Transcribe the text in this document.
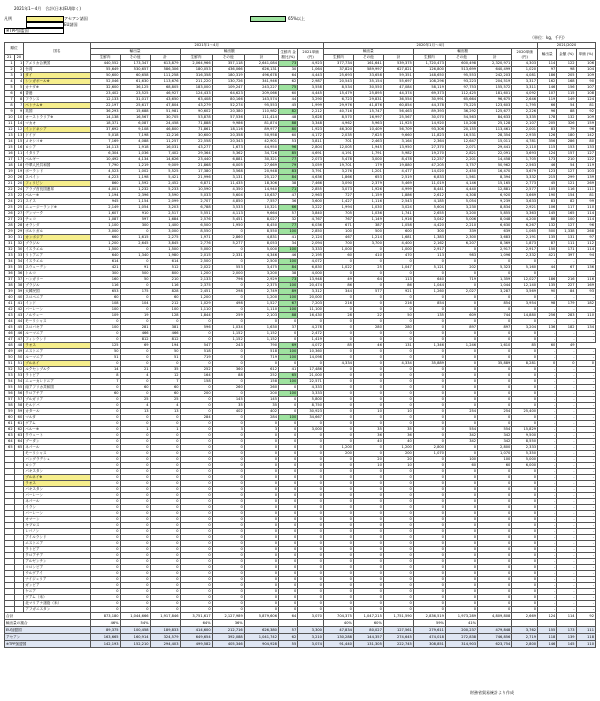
2021年1〜4月　合計(日本(EU)除く)
凡例	アセアン諸国
EU諸国
※TPP加盟国
65%以上
（単位：kg、千円）
順位		国名	2021年1〜4月								2020年1月〜4月							2021/2020		
			輸出量			輸出額			生鮮肉 金額比(%)	2021単価 (円)	輸出量			輸出額			2020単価 (円)	輸出量	金額 (%)	単価 (%)
21	20		生鮮肉	その他	計	生鮮肉	その他	計			生鮮肉	その他	計	生鮮肉	その他	計				
1	1	アメリカ合衆国	440,552	173,347	613,879	2,064,966	357,118	2,641,084	73	4,923	377,734	161,641	539,375	1,720,473	600,498	2,320,971	4,303	114	122	106
2	2	台湾	55,649	530,657	586,306	180,053	436,066	626,131	30	1,064	37,824	589,997	627,821	126,800	513,699	640,499	1,020	97	98	104
3	3	タイ	50,600	60,658	111,258	316,358	180,319	496,678	64	4,443	25,693	33,658	59,351	148,650	95,553	242,203	4,081	186	205	109
4	4	シンガポール※	52,046	61,630	113,676	211,220	130,726	341,946	62	2,987	20,543	35,154	55,697	108,296	93,223	204,519	3,317	162	168	90
5	5	カナダ※	32,600	36,125	68,805	183,000	109,247	243,227	75	3,558	8,534	30,550	47,084	58,119	97,753	155,572	3,311	146	156	107
6	6	香港	23,402	23,525	46,927	124,433	64,623	209,066	60	4,445	15,479	25,895	44,374	69,373	112,425	181,601	4,092	107	115	108
7	8	フランス	12,133	31,017	43,650	63,408	80,166	143,574	44	3,290	6,723	29,831	36,554	30,991	65,664	96,675	2,646	119	149	124
8	7	ベトナム※	22,197	25,617	47,804	43,279	52,274	95,553	45	1,999	29,976	41,876	60,854	44,378	75,225	123,603	1,795	66	54	81
9	9	英国	36,293	15,688	51,981	90,602	20,380	110,982	82	2,212	40,716	15,747	56,463	89,393	36,292	125,677	2,226	96	88	92
10	10	オーストラリア※	14,138	16,567	30,705	53,878	57,536	111,414	48	3,628	8,570	16,997	25,567	30,070	54,563	84,633	3,335	178	132	109
11	14	マカオ	18,371	6,087	24,458	71,888	9,986	81,874	88	3,348	4,962	5,963	11,925	14,920	10,208	25,128	2,107	205	326	159
12	12	インドネシア	37,692	9,108	46,800	71,861	18,116	89,977	80	1,923	46,300	10,409	56,709	93,306	20,155	113,461	2,001	83	79	96
13	13	ドイツ	5,018	7,198	12,216	30,600	20,358	50,958	60	4,172	2,035	7,625	9,660	11,823	16,531	28,354	2,935	126	180	142
14	15	メキシコ※	7,169	4,088	11,257	22,558	20,343	42,901	53	3,811	701	2,463	3,164	2,364	12,647	15,011	4,781	356	286	80
15	16	ロシア	14,113	1,918	16,031	43,277	1,673	44,950	96	2,804	12,005	1,945	13,950	27,370	2,071	29,441	2,110	115	153	133
16	11	イタリア	6,304	1,036	7,402	29,364	5,362	34,726	85	4,691	4,191	1,791	5,982	19,270	2,821	22,091	3,693	124	157	127
17	17	ベルギー	10,492	4,134	14,626	23,440	6,881	30,321	77	2,073	5,478	3,000	8,478	12,257	2,201	14,458	1,705	173	210	122
18	18	中華人民共和国	7,790	1,219	9,009	21,868	6,005	27,669	79	3,059	19,701	179	19,880	47,205	3,757	50,962	2,563	46	54	119
19	19	ポーランド	4,523	1,002	5,525	17,380	3,568	20,948	83	3,791	3,276	1,201	4,477	14,020	2,450	16,470	3,679	123	127	103
20	26	スペイン	4,223	1,198	5,421	21,996	3,131	25,127	84	4,636	1,866	653	2,519	6,833	1,561	8,394	3,332	215	299	139
21	20	フィリピン	860	1,592	2,452	6,871	11,435	18,306	38	7,466	3,090	2,379	5,469	11,019	4,146	15,165	2,773	45	121	269
22	24	アラブ首長国連邦	4,001	1,232	5,233	10,590	4,350	14,940	71	2,855	3,073	1,926	4,999	8,441	4,440	12,881	2,577	105	116	111
23	22	ペルー※	1,194	2,396	3,590	5,033	5,604	10,637	47	2,963	727	1,159	1,886	2,612	4,308	6,920	3,669	190	154	81
24	21	スイス	945	1,154	2,099	2,707	4,850	7,557	36	3,600	1,427	1,116	2,543	4,185	5,054	9,239	3,633	83	82	99
25	25	ニュージーランド※	2,149	1,054	3,203	6,788	3,533	10,321	66	3,222	1,994	1,030	3,024	5,604	3,230	8,834	2,921	106	117	110
26	27	デンマーク	1,607	910	2,517	5,551	4,113	9,664	57	3,840	705	1,036	1,741	2,655	3,200	5,855	3,363	145	165	114
27	23	チェコ	1,087	597	1,684	2,576	5,451	8,027	32	4,767	767	1,149	1,916	3,042	5,006	8,048	4,200	88	100	114
28	28	オランダ	1,100	300	1,400	6,500	1,950	8,450	77	6,036	671	387	1,058	4,420	2,210	6,630	6,267	132	127	96
29	29	ポルトガル	3,000	0	3,000	8,550	0	8,550	100	2,850	100	500	600	300	339	639	1,065	500	1,338	268
30	31	カンボジア	660	1,615	2,275	1,971	2,860	4,831	41	2,124	467	1,214	1,681	1,383	2,300	3,683	2,191	135	131	97
31	32	ブラジル	1,200	2,645	3,845	2,776	5,277	8,053	34	2,094	700	3,700	4,400	2,162	6,207	8,369	1,873	87	111	112
32	30	イスラエル	1,500	0	1,500	5,000	0	5,000	100	3,333	1,000	0	1,000	2,917	0	2,917	2,917	150	171	114
33	33	リトアニア	640	1,340	1,980	2,015	2,331	4,346	46	2,195	60	410	470	113	983	1,096	2,332	421	397	94
34	34	イスラエル	614	0	614	2,500	0	2,500	100	4,072	0	0	0	0	0	0	0	-	-	-
35	35	スウェーデン	421	91	512	2,022	553	3,475	84	6,830	1,022	25	1,047	5,121	202	5,323	5,160	44	67	136
36	36	トルコ	300	500	800	1,200	2,000	3,200	38	4,000	0	0	0	0	0	0	0	-	-	-
37	37	ハンガリー	160	50	210	2,133	796	2,929	73	13,948	49	64	113	640	719	1,359	12,027	186	216	116
38	38	ブラジル	116	0	116	2,375	0	2,375	100	20,474	86	0	86	1,044	0	1,044	12,140	135	227	169
39	39	大韓民国	653	175	828	2,451	298	2,749	89	3,312	344	577	921	1,260	2,027	3,287	3,569	90	84	93
40	40	スロベニア	60	0	60	1,200	0	1,200	100	20,000	0	0	0	0	0	0	0	-	-	-
41	41	インド	108	104	212	1,029	498	1,527	67	7,203	216	0	216	854	0	854	3,954	98	179	182
42	42	バーレーン	100	0	100	1,110	0	1,110	100	11,100	0	0	0	0	0	0	0	-	-	-
43	43	ノルウェー	109	19	128	1,844	259	2,103	88	16,430	28	22	50	135	609	744	14,880	256	283	110
44	44	モーリシャス	0	0	0	0	0	0	0	0	0	0	0	0	0	0	0	-	-	-
45	45	スロバキア	100	281	381	596	1,034	1,630	37	4,278	0	280	280	0	897	897	3,204	136	182	134
46	46	ルーマニア	0	466	466	0	1,152	1,152	0	2,472	0	0	0	0	0	0	0	-	-	-
47	47	フィンランド	0	812	812	0	1,152	1,152	0	1,419	0	0	0	0	0	0	0	-	-	-
48	48	ラオス	125	69	194	547	243	790	69	4,072	85	46	131	1,346	1,246	1,610	85	60	49	
49	49	エストニア	50	0	50	518	0	518	100	10,360	0	0	0	0	0	0	0	-	-	-
50	50	ルーマニア	51	0	51	719	0	719	100	14,098	0	0	0	0	0	0	0	-	-	-
51	51	ブルネイ	0	0	0	0	0	0	0	0	4,334	0	4,334	35,889	0	35,889	8,281	0	0	0
52	52	ルクセンブルク	14	21	35	252	360	612	41	17,486	0	0	0	0	0	0	0	-	-	-
53	53	ラトビア	8	4	12	164	88	252	65	21,000	0	0	0	0	0	0	0	-	-	-
54	54	ニューカレドニア	7	0	7	158	0	158	100	22,571	0	0	0	0	0	0	0	-	-	-
55	55	南アフリカ共和国	0	60	60	0	260	260	0	4,333	0	0	0	0	0	0	0	-	-	-
56	56	クロアチア	60	0	60	200	0	200	100	3,333	0	0	0	0	0	0	0	-	-	-
57	57	ブルガリア	0	25	25	0	145	145	0	5,800	0	0	0	0	0	0	0	-	-	-
58	58	モルドバ	0	4	4	0	35	35	0	8,750	0	0	0	0	0	0	0	-	-	-
59	59	カタール	0	13	13	0	402	402	0	30,923	0	10	10	0	254	254	25,400	-	-	-
60	60	マルタ	0	0	0	284	0	284	100	34,667	0	0	0	0	0	0	0	-	-	-
61	61	グアム	0	0	0	0	0	0	0	0	0	0	0	0	0	0	0	-	-	-
62	62	ベルー※	0	1	1	0	3	3	0	3,000	0	35	35	0	554	554	15,829	-	-	-
63	63	クウェート	0	0	0	0	0	0	0	0	0	36	36	0	342	342	9,500	-	-	-
64	64	ブータン	0	0	0	0	0	0	0	0	0	40	40	0	342	342	8,550	-	-	-
65	65	ネパール	0	0	0	0	0	0	0	0	1,200	0	1,200	2,800	0	2,800	2,333	-	-	-
		モーリシャス	0	0	0	0	0	0	0	0	200	0	200	1,070	0	1,070	5,350	-	-	-
		バングラデシュ	0	0	0	0	0	0	0	0	0	20	20	0	100	100	5,000	-	-	-
		ロシア	0	0	0	0	0	0	0	0	0	10	10	0	60	60	6,000	-	-	-
		パキスタン	0	0	0	0	0	0	0	0	0	0	0	0	0	0	0	-	-	-
		ブルネイ※	0	0	0	0	0	0	0	0	0	0	0	0	0	0	0	-	-	-
		ラオス	0	0	0	0	0	0	0	0	0	0	0	0	0	0	0	-	-	-
		パキスタン	0	0	0	0	0	0	0	0	0	0	0	0	0	0	0	-	-	-
		バーレーン	0	0	0	0	0	0	0	0	0	0	0	0	0	0	0	-	-	-
		ネパール	0	0	0	0	0	0	0	0	0	0	0	0	0	0	0	-	-	-
		イラン	0	0	0	0	0	0	0	0	0	0	0	0	0	0	0	-	-	-
		バーレーン	0	0	0	0	0	0	0	0	0	0	0	0	0	0	0	-	-	-
		オマーン	0	0	0	0	0	0	0	0	0	0	0	0	0	0	0	-	-	-
		キプロス	0	0	0	0	0	0	0	0	0	0	0	0	0	0	0	-	-	-
		レバノン	0	0	0	0	0	0	0	0	0	0	0	0	0	0	0	-	-	-
		アイルランド	0	0	0	0	0	0	0	0	0	0	0	0	0	0	0	-	-	-
		エストニア	0	0	0	0	0	0	0	0	0	0	0	0	0	0	0	-	-	-
		ラトビア	0	0	0	0	0	0	0	0	0	0	0	0	0	0	0	-	-	-
		クロアチア	0	0	0	0	0	0	0	0	0	0	0	0	0	0	0	-	-	-
		アルゼンチン	0	0	0	0	0	0	0	0	0	0	0	0	0	0	0	-	-	-
		コロンビア	0	0	0	0	0	0	0	0	0	0	0	0	0	0	0	-	-	-
		ウルグアイ	0	0	0	0	0	0	0	0	0	0	0	0	0	0	0	-	-	-
		ナイジェリア	0	0	0	0	0	0	0	0	0	0	0	0	0	0	0	-	-	-
		ガンビア	0	0	0	0	0	0	0	0	0	0	0	0	0	0	0	-	-	-
		ケニア	0	0	0	0	0	0	0	0	0	0	0	0	0	0	0	-	-	-
		グアム（米）	0	0	0	0	0	0	0	0	0	0	0	0	0	0	0	-	-	-
		北マリアナ諸島（米）	0	0	0	0	0	0	0	0	0	0	0	0	0	0	0	-	-	-
		アフガニスタン	0	0	0	0	0	0	0	0	0	0	0	0	0	0	0	-	-	-
合計			873,180	1,044,666	1,917,846	3,751,617	2,127,989	5,879,606	64	3,070	704,375	1,047,215	1,751,590	2,836,519	1,973,289	4,809,808	2,669	124	114	92
輸出量の割合			46%	54%		64%	36%				40%	60%		59%	41%					
EU加盟国			89,375	100,458	189,833	414,600	212,716	626,380	57	3,300	47,834	80,027	127,561	279,611	200,237	479,848	3,762	155	173	111
アセアン			163,665	160,914	324,579	649,654	392,088	1,041,742	62	3,210	130,288	144,357	274,645	474,018	272,838	746,856	2,719	118	139	118
※TPP加盟国			142,193	152,210	294,403	499,582	405,346	904,928	55	3,074	91,440	131,305	222,745	308,851	314,903	623,754	2,800	146	145	110
財務省貿易統計より作成
